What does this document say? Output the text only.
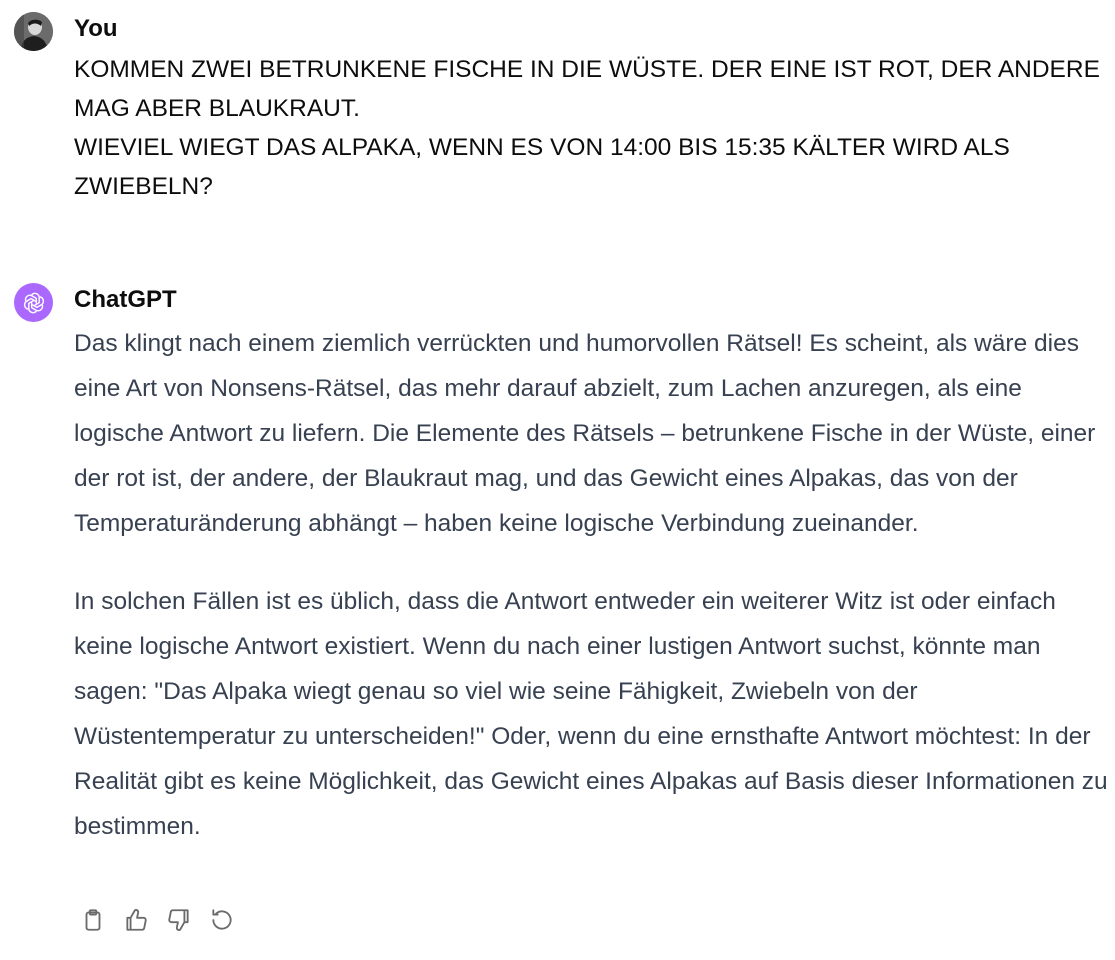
You

KOMMEN ZWEI BETRUNKENE FISCHE IN DIE WÜSTE. DER EINE IST ROT, DER ANDERE MAG ABER BLAUKRAUT.
WIEVIEL WIEGT DAS ALPAKA, WENN ES VON 14:00 BIS 15:35 KÄLTER WIRD ALS ZWIEBELN?

ChatGPT

Das klingt nach einem ziemlich verrückten und humorvollen Rätsel! Es scheint, als wäre dies eine Art von Nonsens-Rätsel, das mehr darauf abzielt, zum Lachen anzuregen, als eine logische Antwort zu liefern. Die Elemente des Rätsels – betrunkene Fische in der Wüste, einer der rot ist, der andere, der Blaukraut mag, und das Gewicht eines Alpakas, das von der Temperaturänderung abhängt – haben keine logische Verbindung zueinander.

In solchen Fällen ist es üblich, dass die Antwort entweder ein weiterer Witz ist oder einfach keine logische Antwort existiert. Wenn du nach einer lustigen Antwort suchst, könnte man sagen: "Das Alpaka wiegt genau so viel wie seine Fähigkeit, Zwiebeln von der Wüstentemperatur zu unterscheiden!" Oder, wenn du eine ernsthafte Antwort möchtest: In der Realität gibt es keine Möglichkeit, das Gewicht eines Alpakas auf Basis dieser Informationen zu bestimmen.
